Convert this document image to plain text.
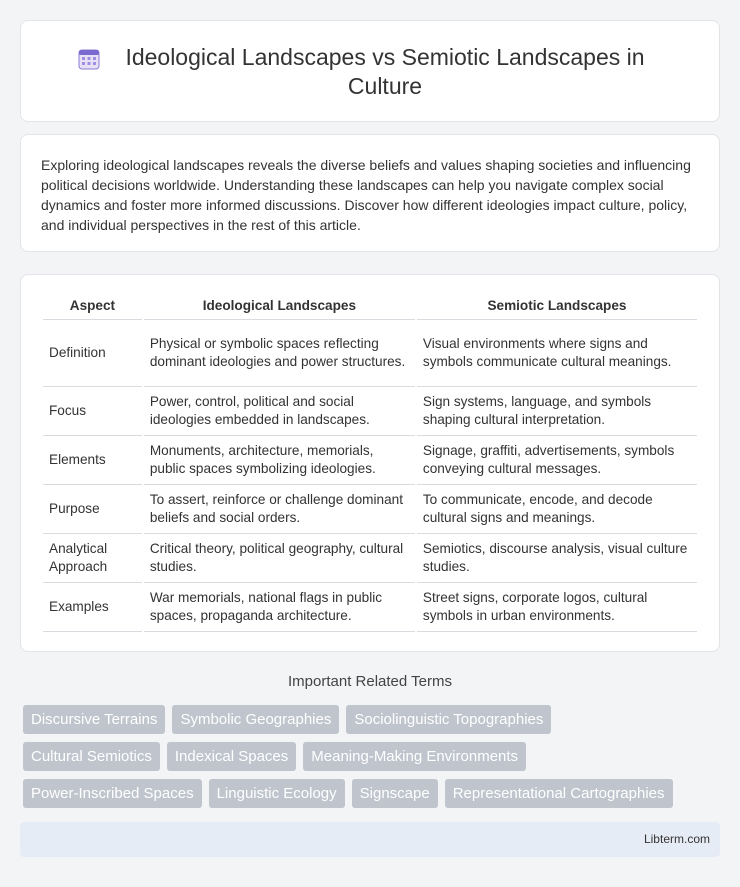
Ideological Landscapes vs Semiotic Landscapes in Culture

Exploring ideological landscapes reveals the diverse beliefs and values shaping societies and influencing political decisions worldwide. Understanding these landscapes can help you navigate complex social dynamics and foster more informed discussions. Discover how different ideologies impact culture, policy, and individual perspectives in the rest of this article.

Aspect	Ideological Landscapes	Semiotic Landscapes
Definition	Physical or symbolic spaces reflecting dominant ideologies and power structures.	Visual environments where signs and symbols communicate cultural meanings.
Focus	Power, control, political and social ideologies embedded in landscapes.	Sign systems, language, and symbols shaping cultural interpretation.
Elements	Monuments, architecture, memorials, public spaces symbolizing ideologies.	Signage, graffiti, advertisements, symbols conveying cultural messages.
Purpose	To assert, reinforce or challenge dominant beliefs and social orders.	To communicate, encode, and decode cultural signs and meanings.
Analytical Approach	Critical theory, political geography, cultural studies.	Semiotics, discourse analysis, visual culture studies.
Examples	War memorials, national flags in public spaces, propaganda architecture.	Street signs, corporate logos, cultural symbols in urban environments.
Important Related Terms
Discursive Terrains	Symbolic Geographies	Sociolinguistic Topographies
Cultural Semiotics	Indexical Spaces	Meaning-Making Environments
Power-Inscribed Spaces	Linguistic Ecology	Signscape	Representational Cartographies
Libterm.com
